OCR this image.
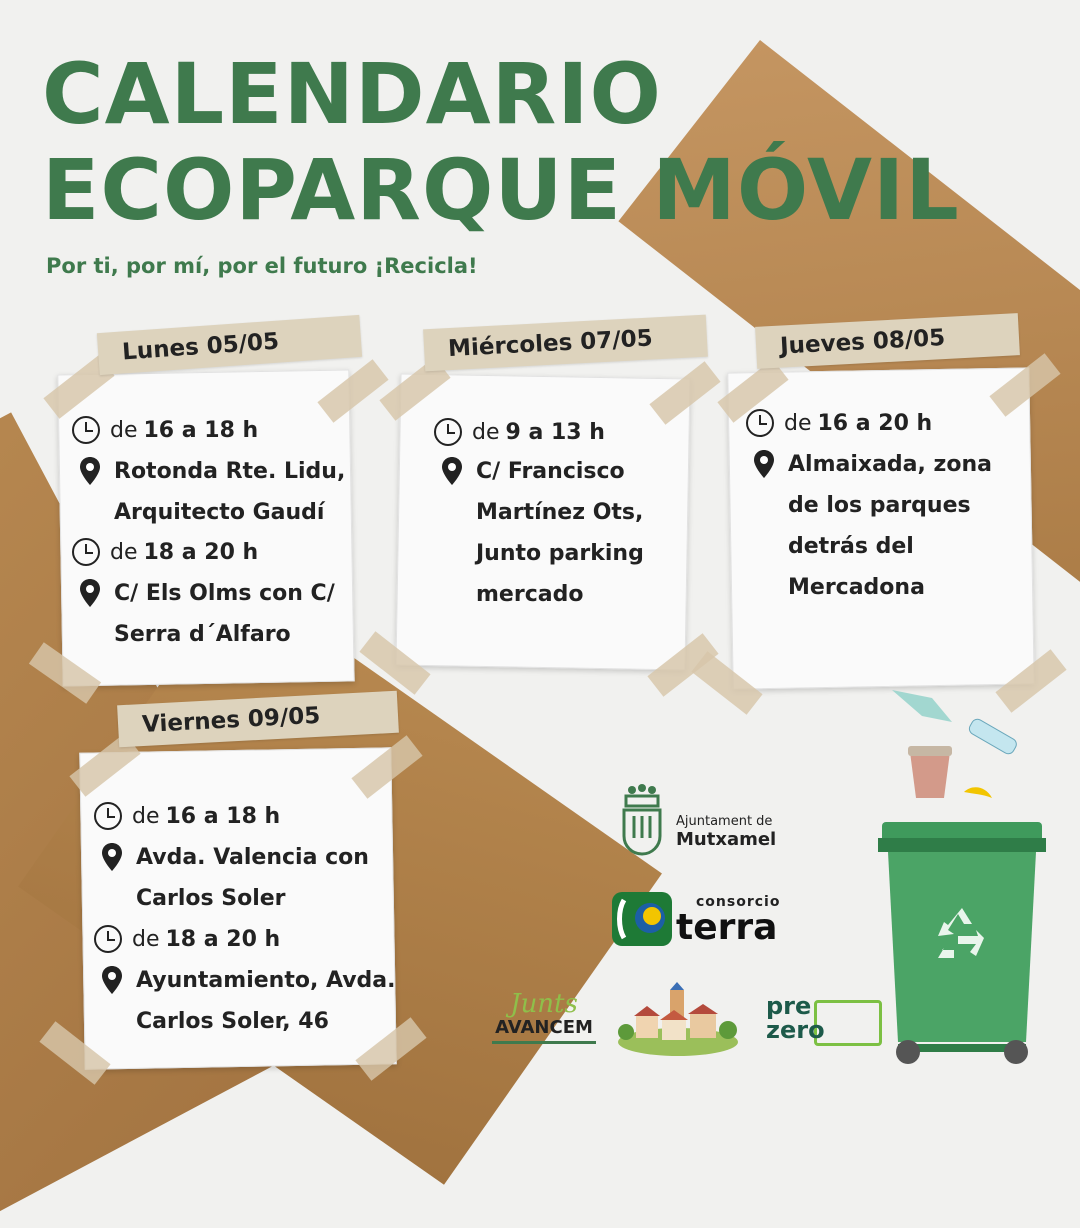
CALENDARIO
ECOPARQUE MÓVIL
Por ti, por mí, por el futuro ¡Recicla!
Lunes 05/05
de 16 a 18 h
Rotonda Rte. Lidu,
Arquitecto Gaudí
de 18 a 20 h
C/ Els Olms con C/
Serra d´Alfaro
Miércoles 07/05
de 9 a 13 h
C/ Francisco
Martínez Ots,
Junto parking
mercado
Jueves 08/05
de 16 a 20 h
Almaixada, zona
de los parques
detrás del
Mercadona
Viernes 09/05
de 16 a 18 h
Avda. Valencia con
Carlos Soler
de 18 a 20 h
Ayuntamiento, Avda.
Carlos Soler, 46
Ajuntament de
Mutxamel
consorcio
terra
Junts
AVANCEM
pre
zero
